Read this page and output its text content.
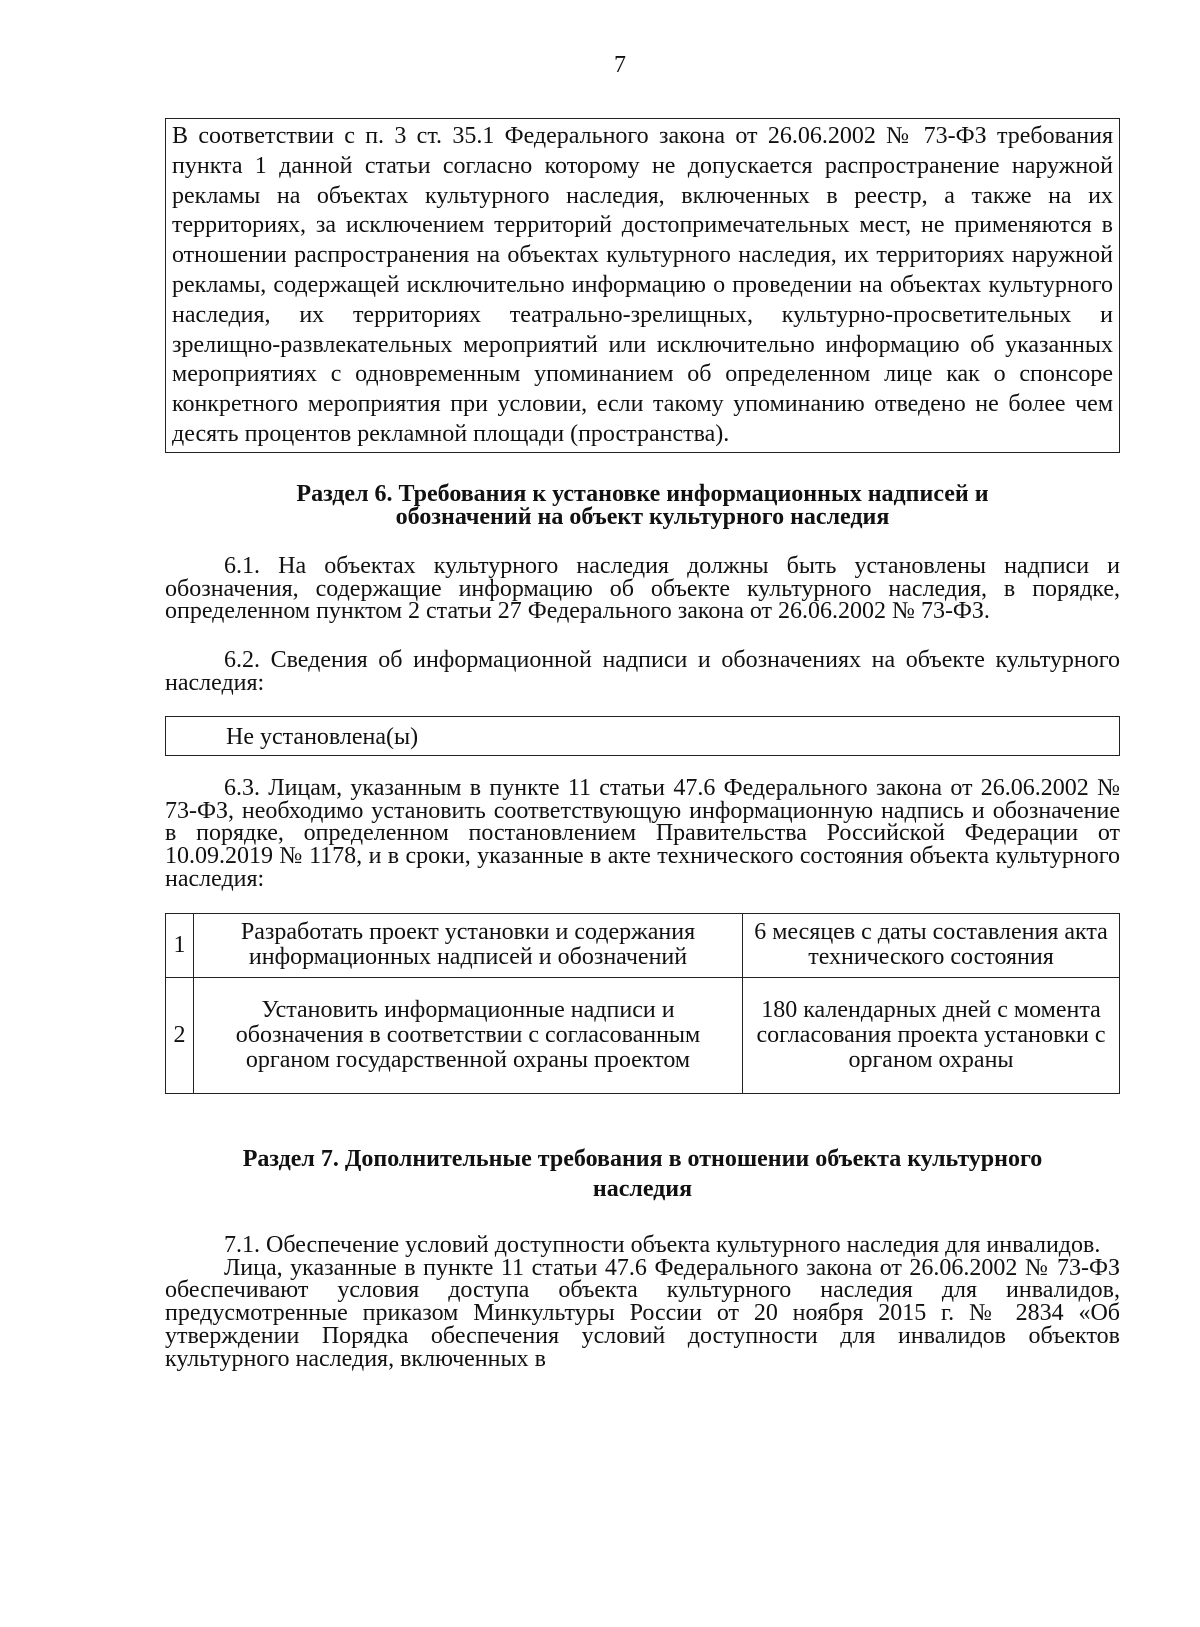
7

В соответствии с п. 3 ст. 35.1 Федерального закона от 26.06.2002 № 73-ФЗ требования пункта 1 данной статьи согласно которому не допускается распространение наружной рекламы на объектах культурного наследия, включенных в реестр, а также на их территориях, за исключением территорий достопримечательных мест, не применяются в отношении распространения на объектах культурного наследия, их территориях наружной рекламы, содержащей исключительно информацию о проведении на объектах культурного наследия, их территориях театрально-зрелищных, культурно-просветительных и зрелищно-развлекательных мероприятий или исключительно информацию об указанных мероприятиях с одновременным упоминанием об определенном лице как о спонсоре конкретного мероприятия при условии, если такому упоминанию отведено не более чем десять процентов рекламной площади (пространства).

Раздел 6. Требования к установке информационных надписей и
обозначений на объект культурного наследия

6.1. На объектах культурного наследия должны быть установлены надписи и обозначения, содержащие информацию об объекте культурного наследия, в порядке, определенном пунктом 2 статьи 27 Федерального закона от 26.06.2002 № 73-ФЗ.

6.2. Сведения об информационной надписи и обозначениях на объекте культурного наследия:

Не установлена(ы)

6.3. Лицам, указанным в пункте 11 статьи 47.6 Федерального закона от 26.06.2002 № 73-ФЗ, необходимо установить соответствующую информационную надпись и обозначение в порядке, определенном постановлением Правительства Российской Федерации от 10.09.2019 № 1178, и в сроки, указанные в акте технического состояния объекта культурного наследия:

1	Разработать проект установки и содержания информационных надписей и обозначений	6 месяцев с даты составления акта технического состояния
2	Установить информационные надписи и обозначения в соответствии с согласованным органом государственной охраны проектом	180 календарных дней с момента согласования проекта установки с органом охраны
Раздел 7. Дополнительные требования в отношении объекта культурного
наследия

7.1. Обеспечение условий доступности объекта культурного наследия для инвалидов.

Лица, указанные в пункте 11 статьи 47.6 Федерального закона от 26.06.2002 № 73-ФЗ обеспечивают условия доступа объекта культурного наследия для инвалидов, предусмотренные приказом Минкультуры России от 20 ноября 2015 г. № 2834 «Об утверждении Порядка обеспечения условий доступности для инвалидов объектов культурного наследия, включенных в
